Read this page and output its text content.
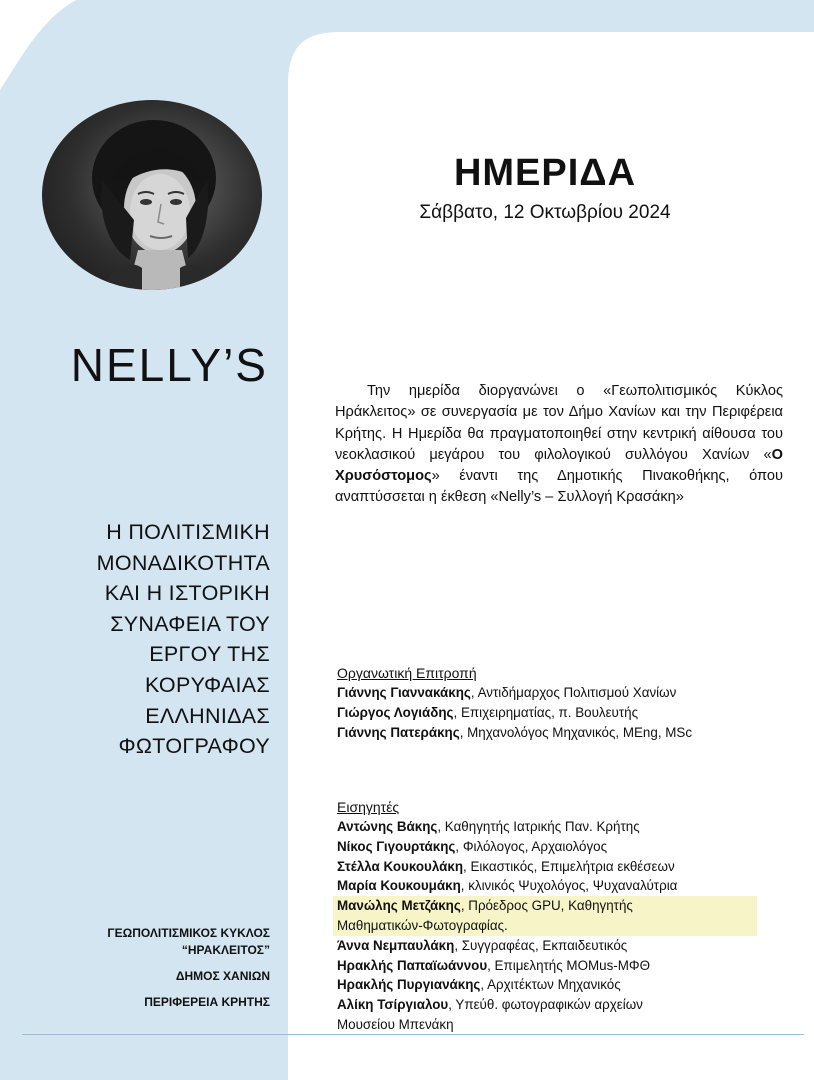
NELLY’S
Η ΠΟΛΙΤΙΣΜΙΚΗ
ΜΟΝΑΔΙΚΟΤΗΤΑ
ΚΑΙ Η ΙΣΤΟΡΙΚΗ
ΣΥΝΑΦΕΙΑ ΤΟΥ
ΕΡΓΟΥ ΤΗΣ
ΚΟΡΥΦΑΙΑΣ
ΕΛΛΗΝΙΔΑΣ
ΦΩΤΟΓΡΑΦΟΥ
ΓΕΩΠΟΛΙΤΙΣΜΙΚΟΣ ΚΥΚΛΟΣ
“ΗΡΑΚΛΕΙΤΟΣ”
ΔΗΜΟΣ ΧΑΝΙΩΝ
ΠΕΡΙΦΕΡΕΙΑ ΚΡΗΤΗΣ
ΗΜΕΡΙΔΑ
Σάββατο, 12 Οκτωβρίου 2024

Την ημερίδα διοργανώνει ο «Γεωπολιτισμικός Κύκλος Ηράκλειτος» σε συνεργασία με τον Δήμο Χανίων και την Περιφέρεια Κρήτης. Η Ημερίδα θα πραγματοποιηθεί στην κεντρική αίθουσα του νεοκλασικού μεγάρου του φιλολογικού συλλόγου Χανίων «Ο Χρυσόστομος» έναντι της Δημοτικής Πινακοθήκης, όπου αναπτύσσεται η έκθεση «Nelly’s – Συλλογή Κρασάκη»

Οργανωτική Επιτροπή
Γιάννης Γιαννακάκης, Αντιδήμαρχος Πολιτισμού Χανίων
Γιώργος Λογιάδης, Επιχειρηματίας, π. Βουλευτής
Γιάννης Πατεράκης, Μηχανολόγος Μηχανικός, MEng, MSc
Εισηγητές
Αντώνης Βάκης, Καθηγητής Ιατρικής Παν. Κρήτης
Νίκος Γιγουρτάκης, Φιλόλογος, Αρχαιολόγος
Στέλλα Κουκουλάκη, Εικαστικός, Επιμελήτρια εκθέσεων
Μαρία Κουκουμάκη, κλινικός Ψυχολόγος, Ψυχαναλύτρια
Μανώλης Μετζάκης, Πρόεδρος GPU, Καθηγητής
Μαθηματικών-Φωτογραφίας.
Άννα Νεμπαυλάκη, Συγγραφέας, Εκπαιδευτικός
Ηρακλής Παπαϊωάννου, Επιμελητής MOMus-ΜΦΘ
Ηρακλής Πυργιανάκης, Αρχιτέκτων Μηχανικός
Αλίκη Τσίργιαλου, Υπεύθ. φωτογραφικών αρχείων
Μουσείου Μπενάκη
